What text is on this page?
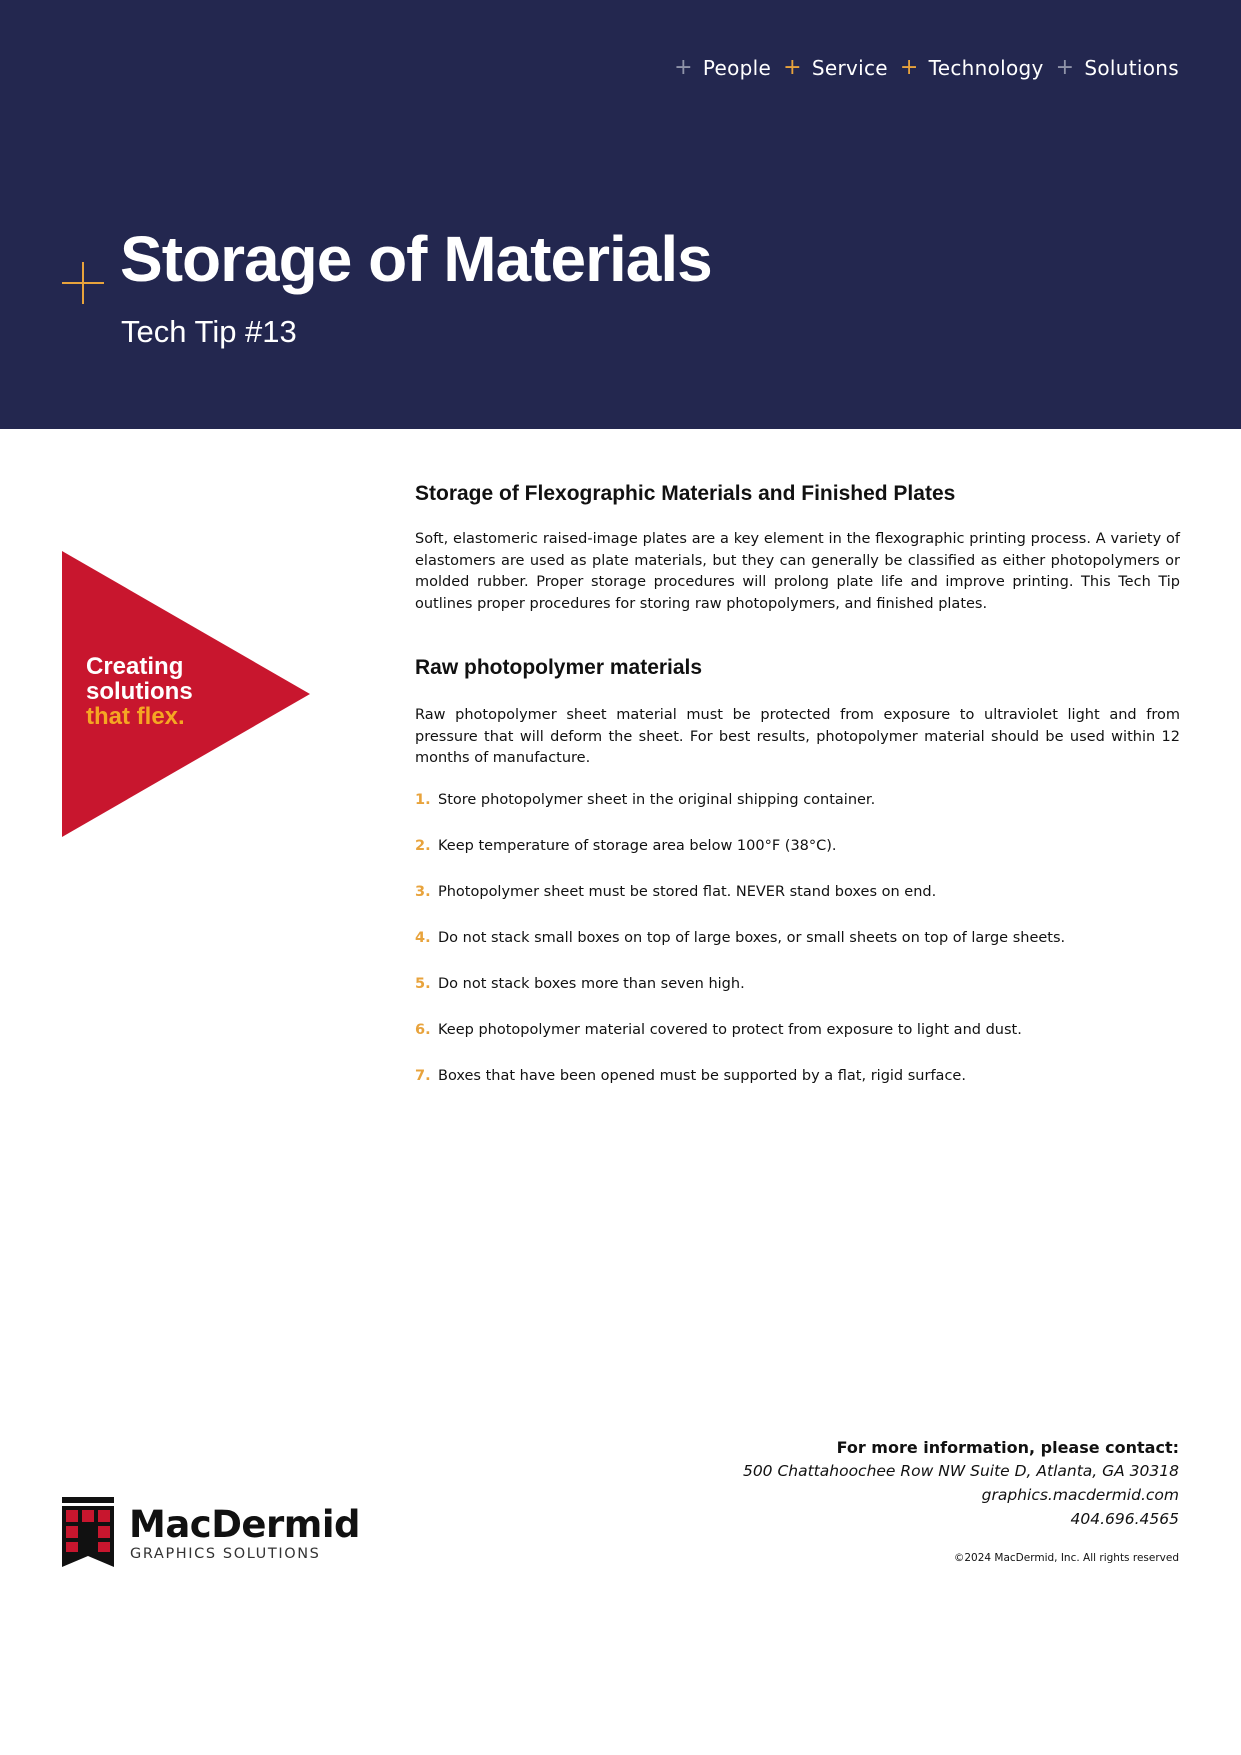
+ People + Service + Technology + Solutions
Storage of Materials
Tech Tip #13
Creating
solutions
that flex.
Storage of Flexographic Materials and Finished Plates

Soft, elastomeric raised-image plates are a key element in the flexographic printing process. A variety of elastomers are used as plate materials, but they can generally be classified as either photopolymers or molded rubber. Proper storage procedures will prolong plate life and improve printing. This Tech Tip outlines proper procedures for storing raw photopolymers, and finished plates.

Raw photopolymer materials

Raw photopolymer sheet material must be protected from exposure to ultraviolet light and from pressure that will deform the sheet. For best results, photopolymer material should be used within 12 months of manufacture.

1. Store photopolymer sheet in the original shipping container.
2. Keep temperature of storage area below 100°F (38°C).
3. Photopolymer sheet must be stored flat. NEVER stand boxes on end.
4. Do not stack small boxes on top of large boxes, or small sheets on top of large sheets.
5. Do not stack boxes more than seven high.
6. Keep photopolymer material covered to protect from exposure to light and dust.
7. Boxes that have been opened must be supported by a flat, rigid surface.
MacDermid
GRAPHICS SOLUTIONS
For more information, please contact:
500 Chattahoochee Row NW Suite D, Atlanta, GA 30318
graphics.macdermid.com
404.696.4565
©2024 MacDermid, Inc. All rights reserved
